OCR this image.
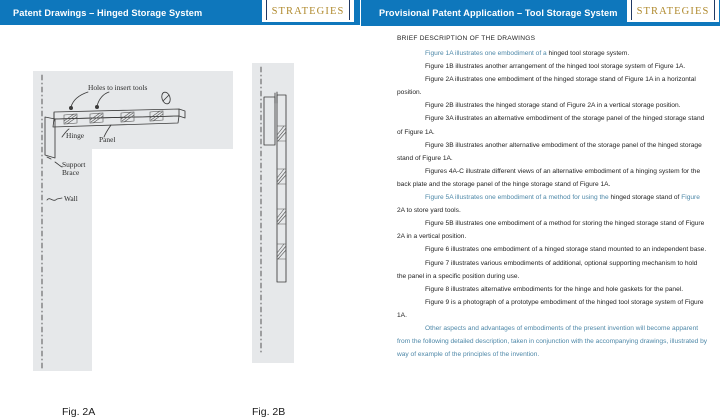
Patent Drawings – Hinged Storage System	Provisional Patent Application – Tool Storage System
STRATEGIES	STRATEGIES
Holes to insert tools
Hinge Panel
Support
Brace
Wall
Fig. 2A	Fig. 2B
BRIEF DESCRIPTION OF THE DRAWINGS

Figure 1A illustrates one embodiment of a hinged tool storage system.

Figure 1B illustrates another arrangement of the hinged tool storage system of Figure 1A.

Figure 2A illustrates one embodiment of the hinged storage stand of Figure 1A in a horizontal position.

Figure 2B illustrates the hinged storage stand of Figure 2A in a vertical storage position.

Figure 3A illustrates an alternative embodiment of the storage panel of the hinged storage stand of Figure 1A.

Figure 3B illustrates another alternative embodiment of the storage panel of the hinged storage stand of Figure 1A.

Figures 4A-C illustrate different views of an alternative embodiment of a hinging system for the back plate and the storage panel of the hinge storage stand of Figure 1A.

Figure 5A illustrates one embodiment of a method for using the hinged storage stand of Figure 2A to store yard tools.

Figure 5B illustrates one embodiment of a method for storing the hinged storage stand of Figure 2A in a vertical position.

Figure 6 illustrates one embodiment of a hinged storage stand mounted to an independent base.

Figure 7 illustrates various embodiments of additional, optional supporting mechanism to hold the panel in a specific position during use.

Figure 8 illustrates alternative embodiments for the hinge and hole gaskets for the panel.

Figure 9 is a photograph of a prototype embodiment of the hinged tool storage system of Figure 1A.

Other aspects and advantages of embodiments of the present invention will become apparent from the following detailed description, taken in conjunction with the accompanying drawings, illustrated by way of example of the principles of the invention.
